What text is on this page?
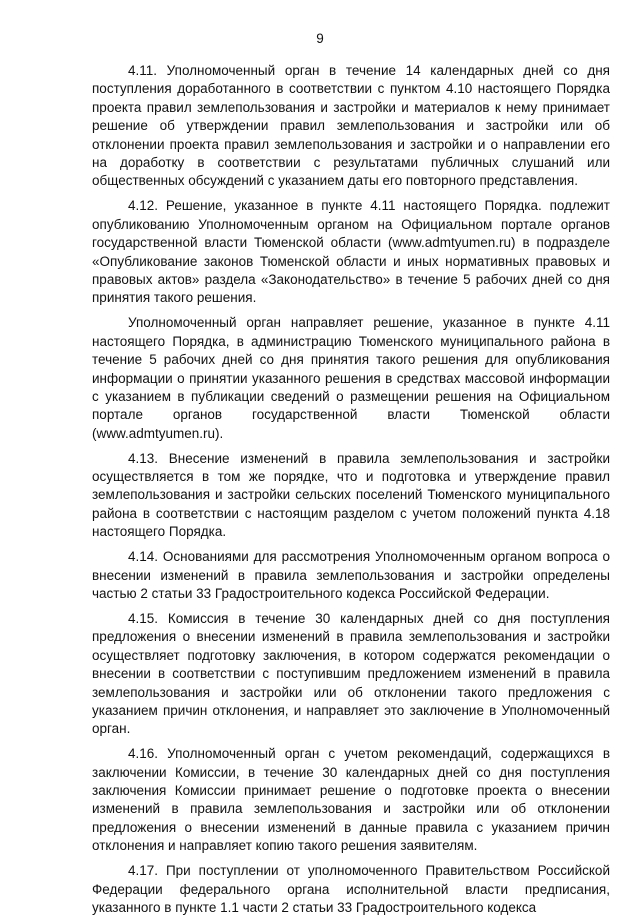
9

4.11. Уполномоченный орган в течение 14 календарных дней со дня поступления доработанного в соответствии с пунктом 4.10 настоящего Порядка проекта правил землепользования и застройки и материалов к нему принимает решение об утверждении правил землепользования и застройки или об отклонении проекта правил землепользования и застройки и о направлении его на доработку в соответствии с результатами публичных слушаний или общественных обсуждений с указанием даты его повторного представления.

4.12. Решение, указанное в пункте 4.11 настоящего Порядка. подлежит опубликованию Уполномоченным органом на Официальном портале органов государственной власти Тюменской области (www.admtyumen.ru) в подразделе «Опубликование законов Тюменской области и иных нормативных правовых и правовых актов» раздела «Законодательство» в течение 5 рабочих дней со дня принятия такого решения.

Уполномоченный орган направляет решение, указанное в пункте 4.11 настоящего Порядка, в администрацию Тюменского муниципального района в течение 5 рабочих дней со дня принятия такого решения для опубликования информации о принятии указанного решения в средствах массовой информации с указанием в публикации сведений о размещении решения на Официальном портале органов государственной власти Тюменской области (www.admtyumen.ru).

4.13. Внесение изменений в правила землепользования и застройки осуществляется в том же порядке, что и подготовка и утверждение правил землепользования и застройки сельских поселений Тюменского муниципального района в соответствии с настоящим разделом с учетом положений пункта 4.18 настоящего Порядка.

4.14. Основаниями для рассмотрения Уполномоченным органом вопроса о внесении изменений в правила землепользования и застройки определены частью 2 статьи 33 Градостроительного кодекса Российской Федерации.

4.15. Комиссия в течение 30 календарных дней со дня поступления предложения о внесении изменений в правила землепользования и застройки осуществляет подготовку заключения, в котором содержатся рекомендации о внесении в соответствии с поступившим предложением изменений в правила землепользования и застройки или об отклонении такого предложения с указанием причин отклонения, и направляет это заключение в Уполномоченный орган.

4.16. Уполномоченный орган с учетом рекомендаций, содержащихся в заключении Комиссии, в течение 30 календарных дней со дня поступления заключения Комиссии принимает решение о подготовке проекта о внесении изменений в правила землепользования и застройки или об отклонении предложения о внесении изменений в данные правила с указанием причин отклонения и направляет копию такого решения заявителям.

4.17. При поступлении от уполномоченного Правительством Российской Федерации федерального органа исполнительной власти предписания, указанного в пункте 1.1 части 2 статьи 33 Градостроительного кодекса
